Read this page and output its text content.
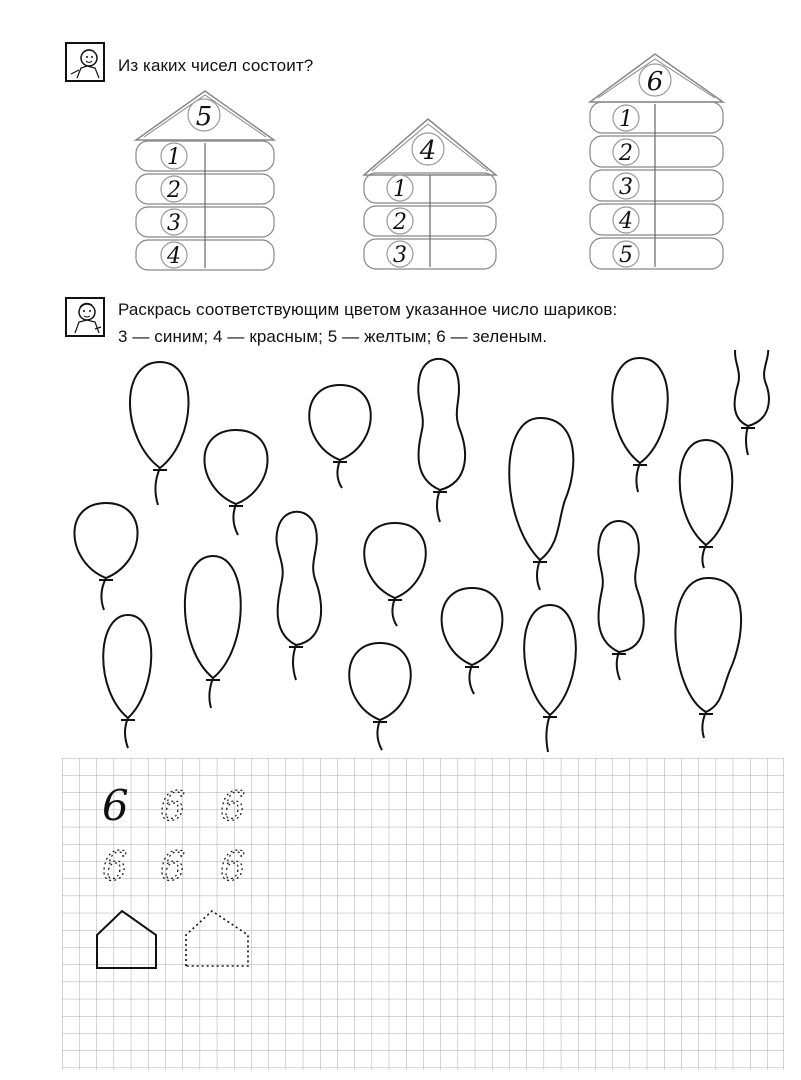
Из каких чисел состоит?
5
1
2
3
4
4
1
2
3
6
1
2
3
4
5
Раскрась соответствующим цветом указанное число шариков:
3 — синим; 4 — красным; 5 — желтым; 6 — зеленым.
6 6 6
6 6 6
